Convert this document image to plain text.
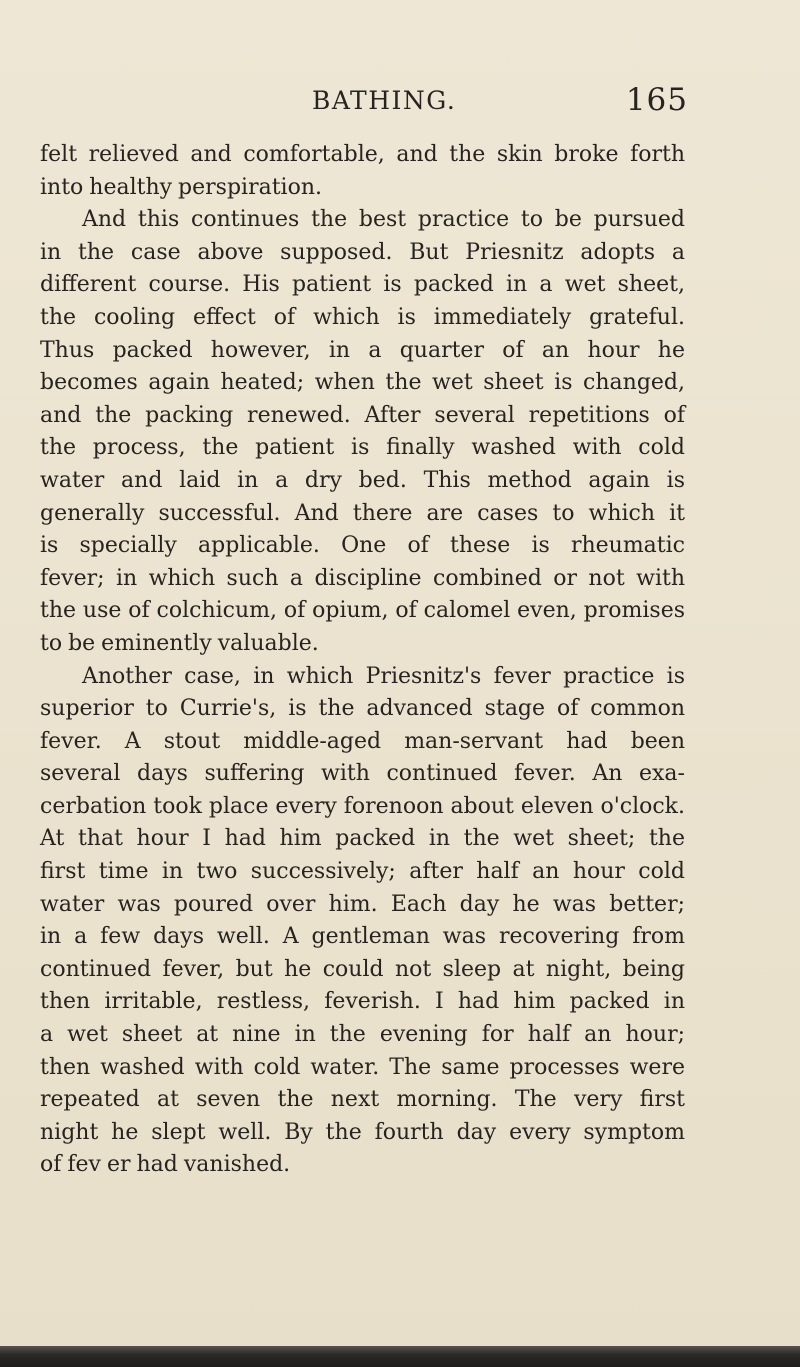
BATHING.	165
felt relieved and comfortable, and the skin broke forth
into healthy perspiration.
And this continues the best practice to be pursued
in the case above supposed. But Priesnitz adopts a
different course. His patient is packed in a wet sheet,
the cooling effect of which is immediately grateful.
Thus packed however, in a quarter of an hour he
becomes again heated; when the wet sheet is changed,
and the packing renewed. After several repetitions of
the process, the patient is finally washed with cold
water and laid in a dry bed. This method again is
generally successful. And there are cases to which it
is specially applicable. One of these is rheumatic
fever; in which such a discipline combined or not with
the use of colchicum, of opium, of calomel even, promises
to be eminently valuable.
Another case, in which Priesnitz's fever practice is
superior to Currie's, is the advanced stage of common
fever. A stout middle-aged man-servant had been
several days suffering with continued fever. An exa-
cerbation took place every forenoon about eleven o'clock.
At that hour I had him packed in the wet sheet; the
first time in two successively; after half an hour cold
water was poured over him. Each day he was better;
in a few days well. A gentleman was recovering from
continued fever, but he could not sleep at night, being
then irritable, restless, feverish. I had him packed in
a wet sheet at nine in the evening for half an hour;
then washed with cold water. The same processes were
repeated at seven the next morning. The very first
night he slept well. By the fourth day every symptom
of fev er had vanished.
